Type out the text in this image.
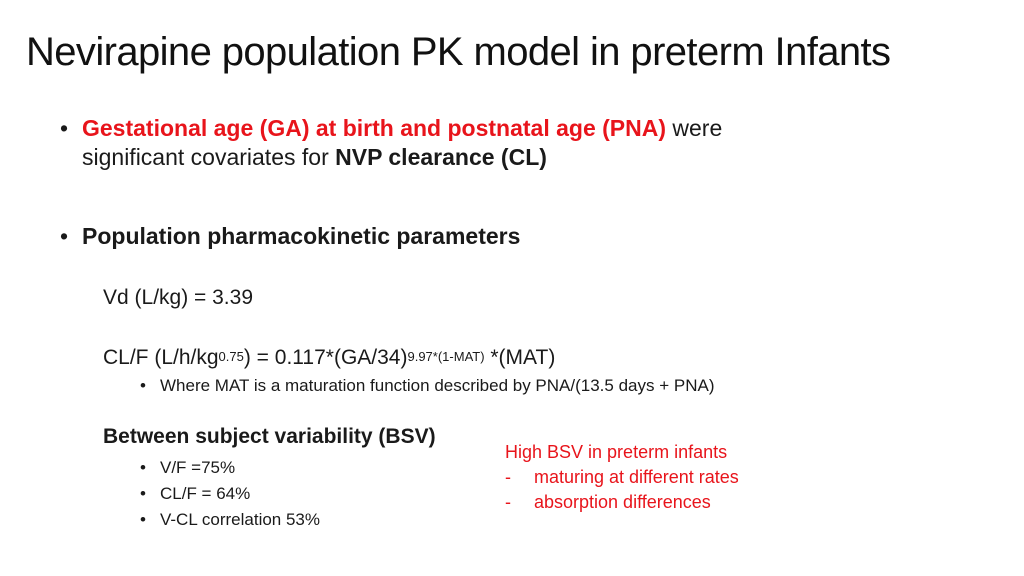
Nevirapine population PK model in preterm Infants
• Gestational age (GA) at birth and postnatal age (PNA) were
significant covariates for NVP clearance (CL)
• Population pharmacokinetic parameters
Vd (L/kg) = 3.39
CL/F $(L/h/kg^{0.75}) = 0.117*(GA/34)^{9.97*(1-MAT)}$ *(MAT)
• Where MAT is a maturation function described by PNA/(13.5 days + PNA)
Between subject variability (BSV)
• V/F =75%
• CL/F = 64%
• V-CL correlation 53%
High BSV in preterm infants
- maturing at different rates
- absorption differences
